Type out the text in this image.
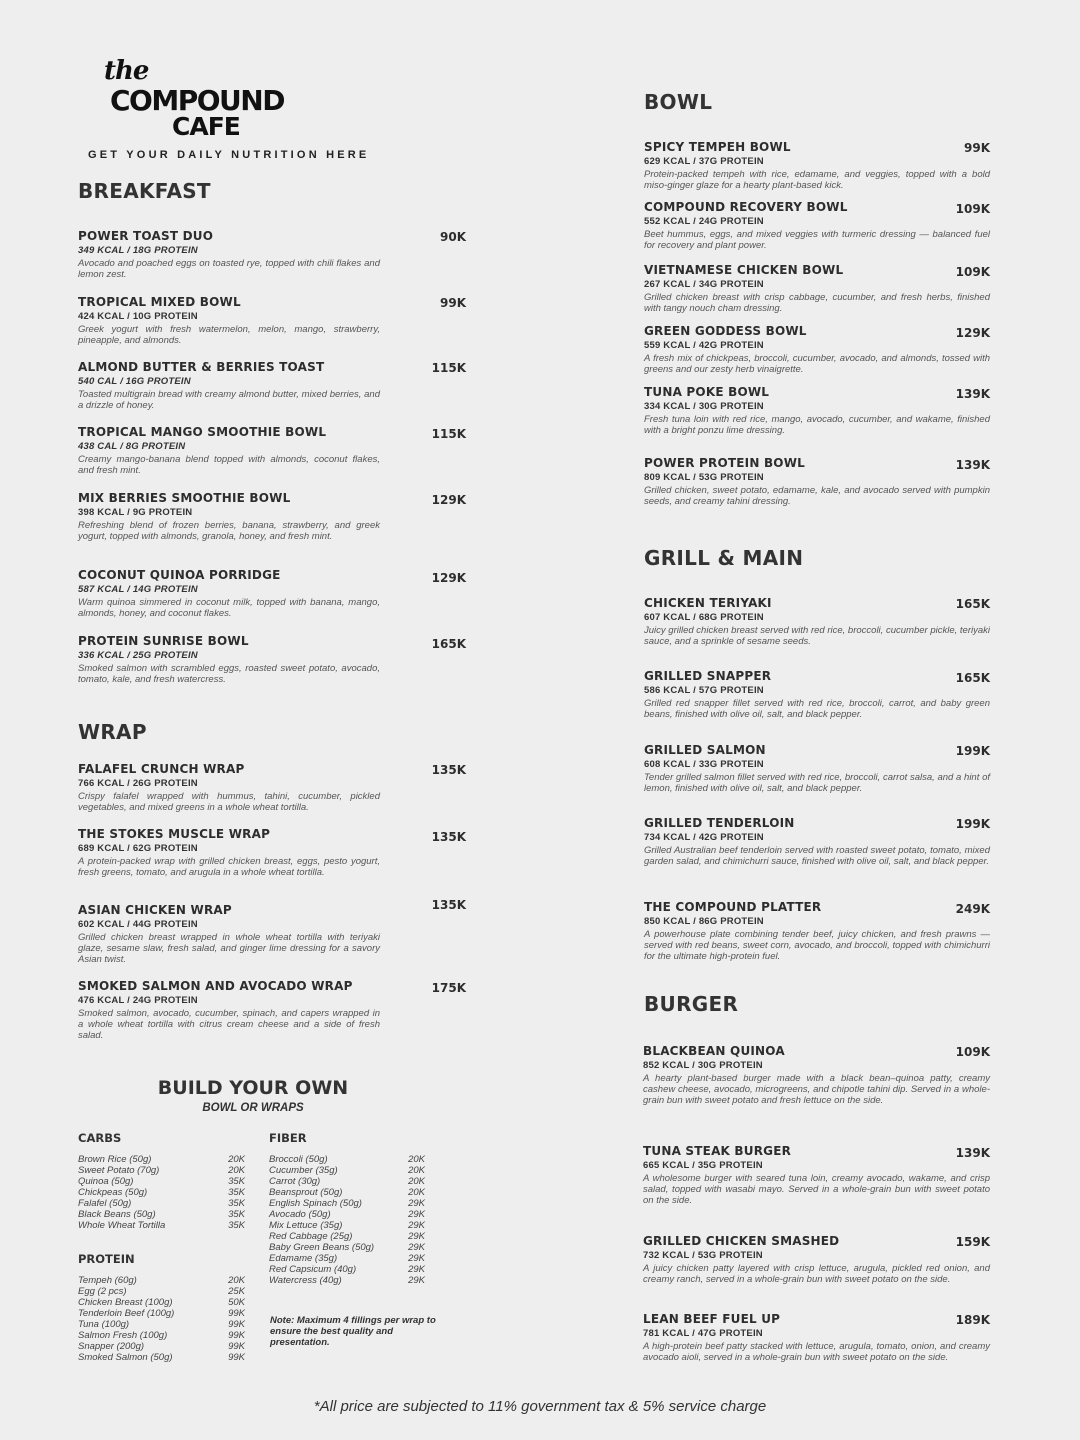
the
COMPOUND
CAFE
GET YOUR DAILY NUTRITION HERE
BREAKFAST
POWER TOAST DUO
349 KCAL / 18G PROTEIN
Avocado and poached eggs on toasted rye, topped with chili flakes and lemon zest.
90K
TROPICAL MIXED BOWL
424 KCAL / 10G PROTEIN
Greek yogurt with fresh watermelon, melon, mango, strawberry, pineapple, and almonds.
99K
ALMOND BUTTER & BERRIES TOAST
540 CAL / 16G PROTEIN
Toasted multigrain bread with creamy almond butter, mixed berries, and a drizzle of honey.
115K
TROPICAL MANGO SMOOTHIE BOWL
438 CAL / 8G PROTEIN
Creamy mango-banana blend topped with almonds, coconut flakes, and fresh mint.
115K
MIX BERRIES SMOOTHIE BOWL
398 KCAL / 9G PROTEIN
Refreshing blend of frozen berries, banana, strawberry, and greek yogurt, topped with almonds, granola, honey, and fresh mint.
129K
COCONUT QUINOA PORRIDGE
587 KCAL / 14G PROTEIN
Warm quinoa simmered in coconut milk, topped with banana, mango, almonds, honey, and coconut flakes.
129K
PROTEIN SUNRISE BOWL
336 KCAL / 25G PROTEIN
Smoked salmon with scrambled eggs, roasted sweet potato, avocado, tomato, kale, and fresh watercress.
165K
WRAP
FALAFEL CRUNCH WRAP
766 KCAL / 26G PROTEIN
Crispy falafel wrapped with hummus, tahini, cucumber, pickled vegetables, and mixed greens in a whole wheat tortilla.
135K
THE STOKES MUSCLE WRAP
689 KCAL / 62G PROTEIN
A protein-packed wrap with grilled chicken breast, eggs, pesto yogurt, fresh greens, tomato, and arugula in a whole wheat tortilla.
135K
ASIAN CHICKEN WRAP
602 KCAL / 44G PROTEIN
Grilled chicken breast wrapped in whole wheat tortilla with teriyaki glaze, sesame slaw, fresh salad, and ginger lime dressing for a savory Asian twist.
135K
SMOKED SALMON AND AVOCADO WRAP
476 KCAL / 24G PROTEIN
Smoked salmon, avocado, cucumber, spinach, and capers wrapped in a whole wheat tortilla with citrus cream cheese and a side of fresh salad.
175K
BUILD YOUR OWN
BOWL OR WRAPS
CARBS
Brown Rice (50g)	20K
Sweet Potato (70g)	20K
Quinoa (50g)	35K
Chickpeas (50g)	35K
Falafel (50g)	35K
Black Beans (50g)	35K
Whole Wheat Tortilla	35K
PROTEIN
Tempeh (60g)	20K
Egg (2 pcs)	25K
Chicken Breast (100g)	50K
Tenderloin Beef (100g)	99K
Tuna (100g)	99K
Salmon Fresh (100g)	99K
Snapper (200g)	99K
Smoked Salmon (50g)	99K
FIBER
Broccoli (50g)	20K
Cucumber (35g)	20K
Carrot (30g)	20K
Beansprout (50g)	20K
English Spinach (50g)	29K
Avocado (50g)	29K
Mix Lettuce (35g)	29K
Red Cabbage (25g)	29K
Baby Green Beans (50g)	29K
Edamame (35g)	29K
Red Capsicum (40g)	29K
Watercress (40g)	29K
Note: Maximum 4 fillings per wrap to ensure the best quality and presentation.
BOWL
SPICY TEMPEH BOWL
629 KCAL / 37G PROTEIN
Protein-packed tempeh with rice, edamame, and veggies, topped with a bold miso-ginger glaze for a hearty plant-based kick.
99K
COMPOUND RECOVERY BOWL
552 KCAL / 24G PROTEIN
Beet hummus, eggs, and mixed veggies with turmeric dressing — balanced fuel for recovery and plant power.
109K
VIETNAMESE CHICKEN BOWL
267 KCAL / 34G PROTEIN
Grilled chicken breast with crisp cabbage, cucumber, and fresh herbs, finished with tangy nouch cham dressing.
109K
GREEN GODDESS BOWL
559 KCAL / 42G PROTEIN
A fresh mix of chickpeas, broccoli, cucumber, avocado, and almonds, tossed with greens and our zesty herb vinaigrette.
129K
TUNA POKE BOWL
334 KCAL / 30G PROTEIN
Fresh tuna loin with red rice, mango, avocado, cucumber, and wakame, finished with a bright ponzu lime dressing.
139K
POWER PROTEIN BOWL
809 KCAL / 53G PROTEIN
Grilled chicken, sweet potato, edamame, kale, and avocado served with pumpkin seeds, and creamy tahini dressing.
139K
GRILL & MAIN
CHICKEN TERIYAKI
607 KCAL / 68G PROTEIN
Juicy grilled chicken breast served with red rice, broccoli, cucumber pickle, teriyaki sauce, and a sprinkle of sesame seeds.
165K
GRILLED SNAPPER
586 KCAL / 57G PROTEIN
Grilled red snapper fillet served with red rice, broccoli, carrot, and baby green beans, finished with olive oil, salt, and black pepper.
165K
GRILLED SALMON
608 KCAL / 33G PROTEIN
Tender grilled salmon fillet served with red rice, broccoli, carrot salsa, and a hint of lemon, finished with olive oil, salt, and black pepper.
199K
GRILLED TENDERLOIN
734 KCAL / 42G PROTEIN
Grilled Australian beef tenderloin served with roasted sweet potato, tomato, mixed garden salad, and chimichurri sauce, finished with olive oil, salt, and black pepper.
199K
THE COMPOUND PLATTER
850 KCAL / 86G PROTEIN
A powerhouse plate combining tender beef, juicy chicken, and fresh prawns — served with red beans, sweet corn, avocado, and broccoli, topped with chimichurri for the ultimate high-protein fuel.
249K
BURGER
BLACKBEAN QUINOA
852 KCAL / 30G PROTEIN
A hearty plant-based burger made with a black bean–quinoa patty, creamy cashew cheese, avocado, microgreens, and chipotle tahini dip. Served in a whole-grain bun with sweet potato and fresh lettuce on the side.
109K
TUNA STEAK BURGER
665 KCAL / 35G PROTEIN
A wholesome burger with seared tuna loin, creamy avocado, wakame, and crisp salad, topped with wasabi mayo. Served in a whole-grain bun with sweet potato on the side.
139K
GRILLED CHICKEN SMASHED
732 KCAL / 53G PROTEIN
A juicy chicken patty layered with crisp lettuce, arugula, pickled red onion, and creamy ranch, served in a whole-grain bun with sweet potato on the side.
159K
LEAN BEEF FUEL UP
781 KCAL / 47G PROTEIN
A high-protein beef patty stacked with lettuce, arugula, tomato, onion, and creamy avocado aioli, served in a whole-grain bun with sweet potato on the side.
189K
*All price are subjected to 11% government tax & 5% service charge
